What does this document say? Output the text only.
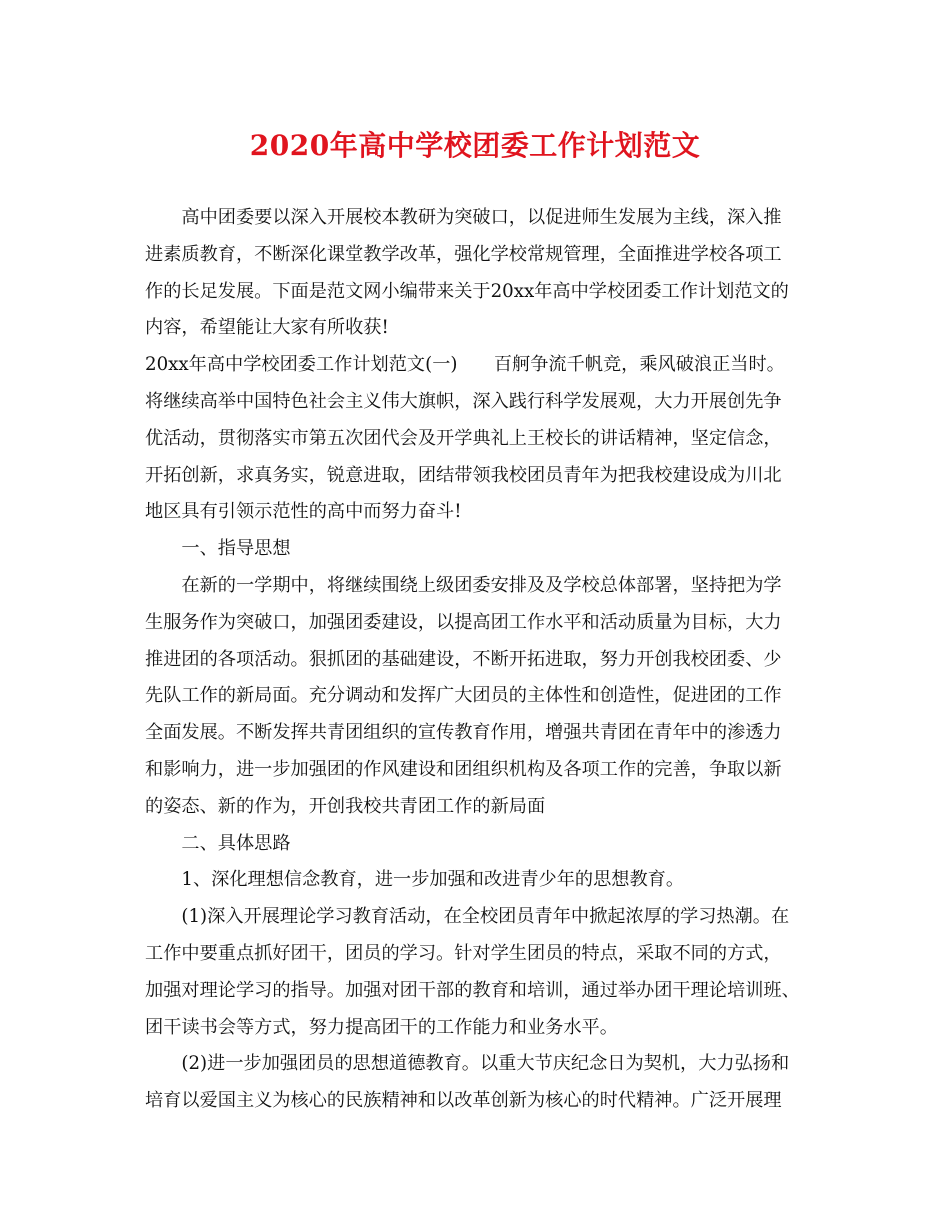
2020年高中学校团委工作计划范文
　　高中团委要以深入开展校本教研为突破口，以促进师生发展为主线，深入推
进素质教育，不断深化课堂教学改革，强化学校常规管理，全面推进学校各项工
作的长足发展。下面是范文网小编带来关于20xx年高中学校团委工作计划范文的
内容，希望能让大家有所收获!
20xx年高中学校团委工作计划范文(一)　　百舸争流千帆竞，乘风破浪正当时。
将继续高举中国特色社会主义伟大旗帜，深入践行科学发展观，大力开展创先争
优活动，贯彻落实市第五次团代会及开学典礼上王校长的讲话精神，坚定信念，
开拓创新，求真务实，锐意进取，团结带领我校团员青年为把我校建设成为川北
地区具有引领示范性的高中而努力奋斗!
　　一、指导思想
　　在新的一学期中，将继续围绕上级团委安排及及学校总体部署，坚持把为学
生服务作为突破口，加强团委建设，以提高团工作水平和活动质量为目标，大力
推进团的各项活动。狠抓团的基础建设，不断开拓进取，努力开创我校团委、少
先队工作的新局面。充分调动和发挥广大团员的主体性和创造性，促进团的工作
全面发展。不断发挥共青团组织的宣传教育作用，增强共青团在青年中的渗透力
和影响力，进一步加强团的作风建设和团组织机构及各项工作的完善，争取以新
的姿态、新的作为，开创我校共青团工作的新局面
　　二、具体思路
　　1、深化理想信念教育，进一步加强和改进青少年的思想教育。
　　(1)深入开展理论学习教育活动，在全校团员青年中掀起浓厚的学习热潮。在
工作中要重点抓好团干，团员的学习。针对学生团员的特点，采取不同的方式，
加强对理论学习的指导。加强对团干部的教育和培训，通过举办团干理论培训班、
团干读书会等方式，努力提高团干的工作能力和业务水平。
　　(2)进一步加强团员的思想道德教育。以重大节庆纪念日为契机，大力弘扬和
培育以爱国主义为核心的民族精神和以改革创新为核心的时代精神。广泛开展理
